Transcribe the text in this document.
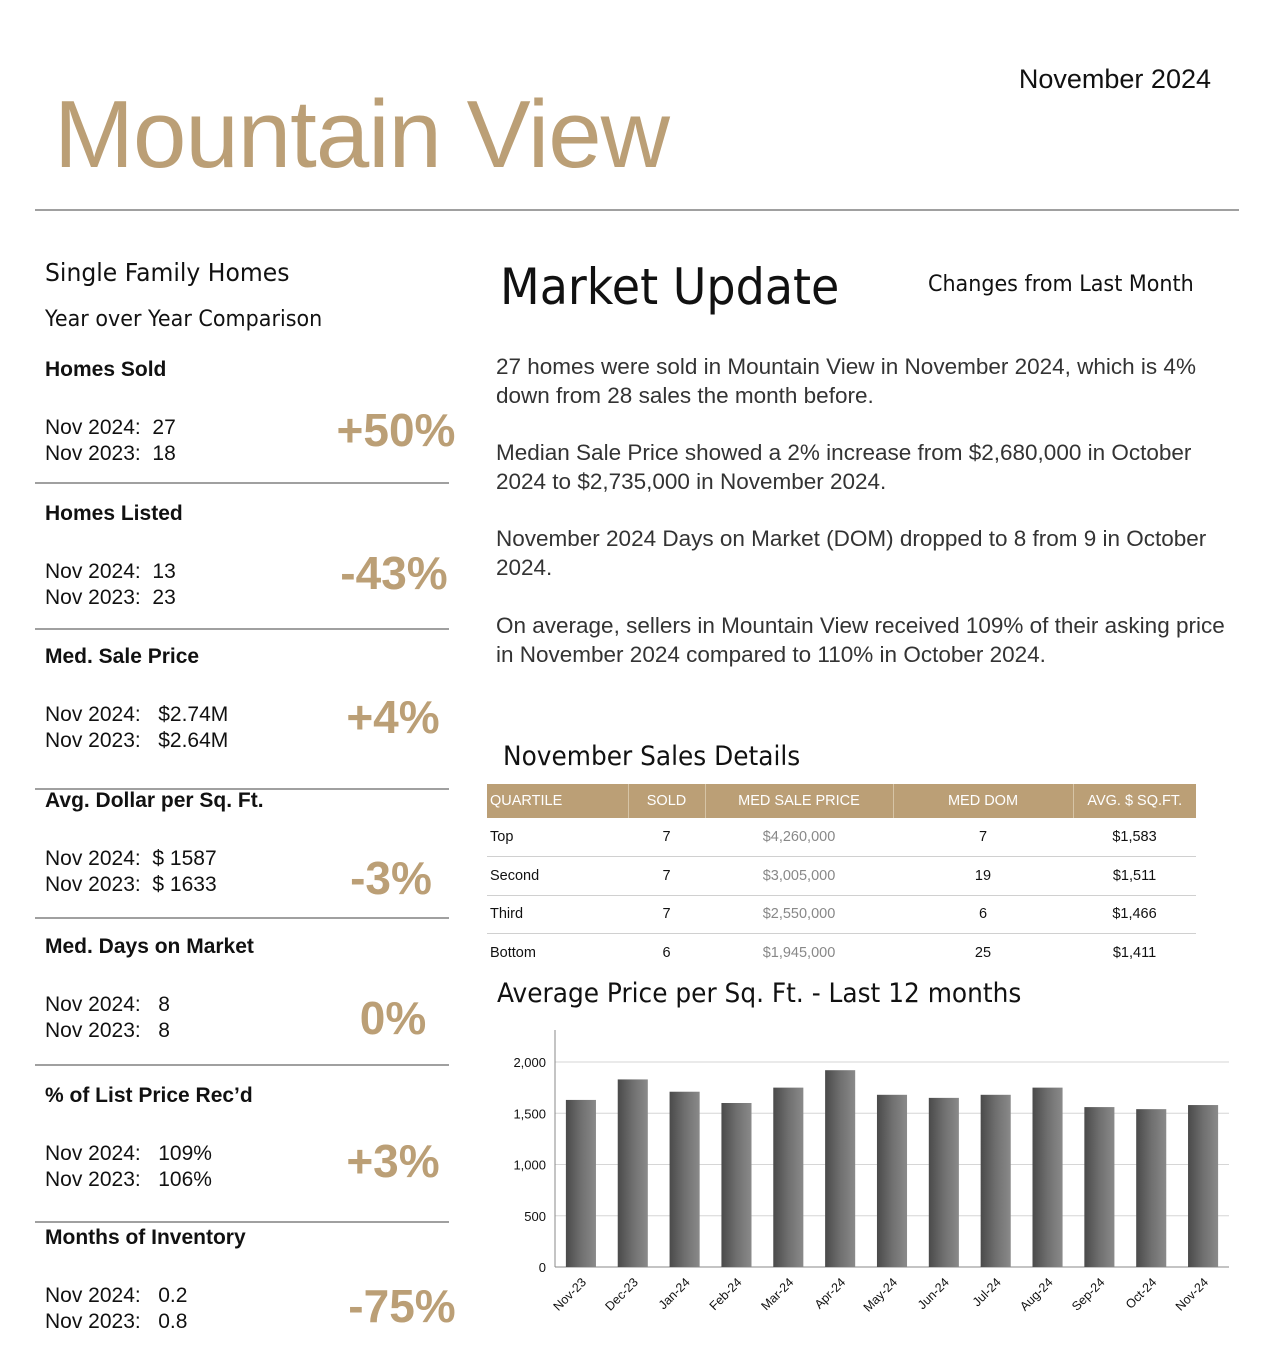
November 2024
Mountain View
Single Family Homes
Year over Year Comparison
Homes Sold
Nov 2024:  27
Nov 2023:  18	+50%
Homes Listed
Nov 2024:  13
Nov 2023:  23	-43%
Med. Sale Price
Nov 2024:   $2.74M
Nov 2023:   $2.64M	+4%
Avg. Dollar per Sq. Ft.
Nov 2024:  $ 1587
Nov 2023:  $ 1633	-3%
Med. Days on Market
Nov 2024:   8
Nov 2023:   8	0%
% of List Price Rec’d
Nov 2024:   109%
Nov 2023:   106%	+3%
Months of Inventory
Nov 2024:   0.2
Nov 2023:   0.8	-75%
Market Update	Changes from Last Month
27 homes were sold in Mountain View in November 2024, which is 4% down from 28 sales the month before.
Median Sale Price showed a 2% increase from $2,680,000 in October 2024 to $2,735,000 in November 2024.
November 2024 Days on Market (DOM) dropped to 8 from 9 in October 2024.
On average, sellers in Mountain View received 109% of their asking price in November 2024 compared to 110% in October 2024.
November Sales Details
QUARTILE	SOLD	MED SALE PRICE	MED DOM	AVG. $ SQ.FT.
Top	7	$4,260,000	7	$1,583
Second	7	$3,005,000	19	$1,511
Third	7	$2,550,000	6	$1,466
Bottom	6	$1,945,000	25	$1,411
Average Price per Sq. Ft. - Last 12 months
0
500
1,000
1,500
2,000
Nov-23 Dec-23 Jan-24 Feb-24 Mar-24 Apr-24 May-24 Jun-24 Jul-24 Aug-24 Sep-24 Oct-24 Nov-24
